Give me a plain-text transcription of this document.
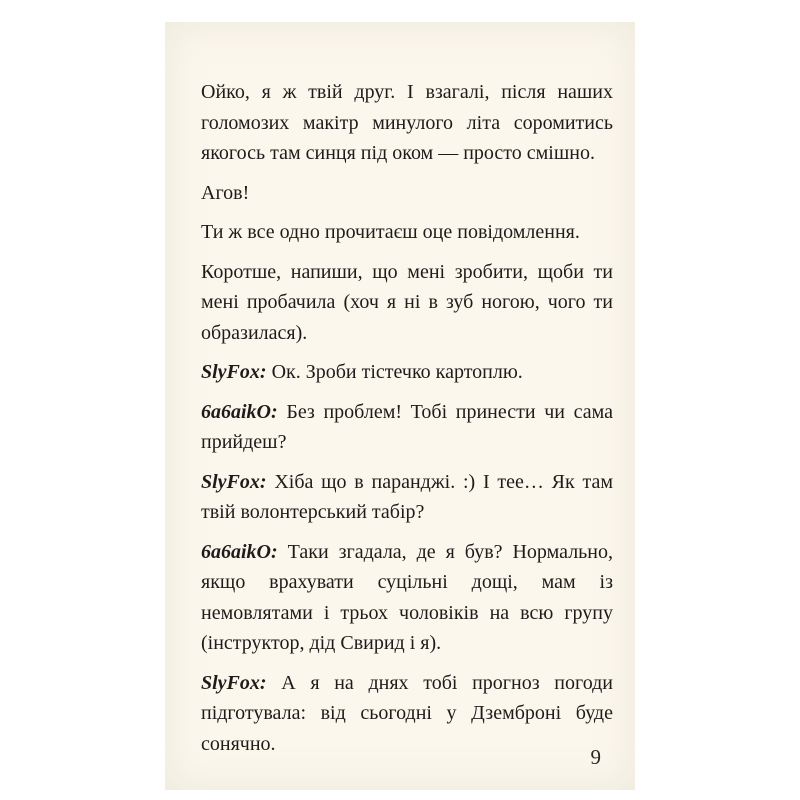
Ойко, я ж твій друг. І взагалі, після наших голомозих макітр минулого літа соромитись якогось там синця під оком — просто смішно.

Агов!

Ти ж все одно прочитаєш оце повідомлення.

Коротше, напиши, що мені зробити, щоби ти мені пробачила (хоч я ні в зуб ногою, чого ти образилася).

SlyFox: Ок. Зроби тістечко картоплю.

6a6aikO: Без проблем! Тобі принести чи сама прийдеш?

SlyFox: Хіба що в паранджі. :) І тее… Як там твій волонтерський табір?

6a6aikO: Таки згадала, де я був? Нормально, якщо врахувати суцільні дощі, мам із немовлятами і трьох чоловіків на всю групу (інструктор, дід Свирид і я).

SlyFox: А я на днях тобі прогноз погоди підготувала: від сьогодні у Дземброні буде сонячно.

9
